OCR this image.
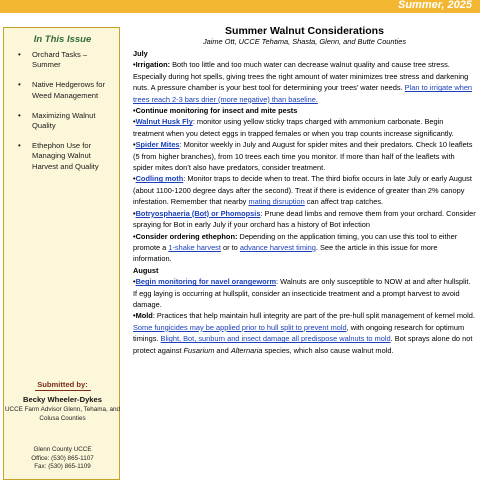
Summer, 2025
In This Issue
• Orchard Tasks – Summer
• Native Hedgerows for Weed Management
• Maximizing Walnut Quality
• Ethephon Use for Managing Walnut Harvest and Quality
Submitted by:
Becky Wheeler-Dykes
UCCE Farm Advisor Glenn, Tehama, and Colusa Counties
Glenn County UCCE
Office: (530) 865-1107
Fax: (530) 865-1109
Summer Walnut Considerations
Jaime Ott, UCCE Tehama, Shasta, Glenn, and Butte Counties

July

•Irrigation: Both too little and too much water can decrease walnut quality and cause tree stress. Especially during hot spells, giving trees the right amount of water minimizes tree stress and darkening nuts. A pressure chamber is your best tool for determining your trees’ water needs. Plan to irrigate when trees reach 2-3 bars drier (more negative) than baseline.

•Continue monitoring for insect and mite pests

•Walnut Husk Fly: monitor using yellow sticky traps charged with ammonium carbonate. Begin treatment when you detect eggs in trapped females or when you trap counts increase significantly.

•Spider Mites: Monitor weekly in July and August for spider mites and their predators. Check 10 leaflets (5 from higher branches), from 10 trees each time you monitor. If more than half of the leaflets with spider mites don’t also have predators, consider treatment.

•Codling moth: Monitor traps to decide when to treat. The third biofix occurs in late July or early August (about 1100-1200 degree days after the second). Treat if there is evidence of greater than 2% canopy infestation. Remember that nearby mating disruption can affect trap catches.

•Botryosphaeria (Bot) or Phomopsis: Prune dead limbs and remove them from your orchard. Consider spraying for Bot in early July if your orchard has a history of Bot infection

•Consider ordering ethephon: Depending on the application timing, you can use this tool to either promote a 1-shake harvest or to advance harvest timing. See the article in this issue for more information.

August

•Begin monitoring for navel orangeworm: Walnuts are only susceptible to NOW at and after hullsplit. If egg laying is occurring at hullsplit, consider an insecticide treatment and a prompt harvest to avoid damage.

•Mold: Practices that help maintain hull integrity are part of the pre-hull split management of kernel mold. Some fungicides may be applied prior to hull split to prevent mold, with ongoing research for optimum timings. Blight, Bot, sunburn and insect damage all predispose walnuts to mold. Bot sprays alone do not protect against Fusarium and Alternaria species, which also cause walnut mold.
